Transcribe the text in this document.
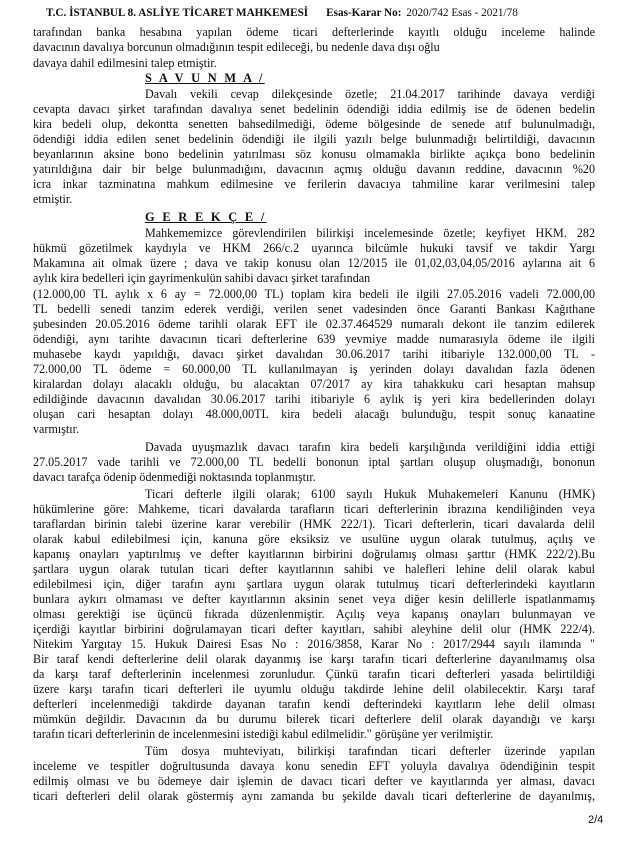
T.C. İSTANBUL 8. ASLİYE TİCARET MAHKEMESİ Esas-Karar No: 2020/742 Esas - 2021/78
tarafından banka hesabına yapılan ödeme ticari defterlerinde kayıtlı olduğu inceleme halinde
davacının davalıya borcunun olmadığının tespit edileceği, bu nedenle dava dışı oğlu
davaya dahil edilmesini talep etmiştir.
S A V U N M A /
Davalı vekili cevap dilekçesinde özetle; 21.04.2017 tarihinde davaya verdiği
cevapta davacı şirket tarafından davalıya senet bedelinin ödendiği iddia edilmiş ise de ödenen bedelin
kira bedeli olup, dekontta senetten bahsedilmediği, ödeme bölgesinde de senede atıf bulunulmadığı,
ödendiği iddia edilen senet bedelinin ödendiği ile ilgili yazılı belge bulunmadığı belirtildiği, davacının
beyanlarının aksine bono bedelinin yatırılması söz konusu olmamakla birlikte açıkça bono bedelinin
yatırıldığına dair bir belge bulunmadığını, davacının açmış olduğu davanın reddine, davacının %20
icra inkar tazminatına mahkum edilmesine ve ferilerin davacıya tahmiline karar verilmesini talep
etmiştir.
G E R E K Ç E /
Mahkememizce görevlendirilen bilirkişi incelemesinde özetle; keyfiyet HKM. 282
hükmü gözetilmek kaydıyla ve HKM 266/c.2 uyarınca bilcümle hukuki tavsif ve takdir Yargı
Makamına ait olmak üzere ; dava ve takip konusu olan 12/2015 ile 01,02,03,04,05/2016 aylarına ait 6
aylık kira bedelleri için gayrimenkulün sahibi davacı şirket tarafından
(12.000,00 TL aylık x 6 ay = 72.000,00 TL) toplam kira bedeli ile ilgili 27.05.2016 vadeli 72.000,00
TL bedelli senedi tanzim ederek verdiği, verilen senet vadesinden önce Garanti Bankası Kağıthane
şubesinden 20.05.2016 ödeme tarihli olarak EFT ile 02.37.464529 numaralı dekont ile tanzim edilerek
ödendiği, aynı tarihte davacının ticari defterlerine 639 yevmiye madde numarasıyla ödeme ile ilgili
muhasebe kaydı yapıldığı, davacı şirket davalıdan 30.06.2017 tarihi itibariyle 132.000,00 TL -
72.000,00 TL ödeme = 60.000,00 TL kullanılmayan iş yerinden dolayı davalıdan fazla ödenen
kiralardan dolayı alacaklı olduğu, bu alacaktan 07/2017 ay kira tahakkuku cari hesaptan mahsup
edildiğinde davacının davalıdan 30.06.2017 tarihi itibariyle 6 aylık iş yeri kira bedellerinden dolayı
oluşan cari hesaptan dolayı 48.000,00TL kira bedeli alacağı bulunduğu, tespit sonuç kanaatine
varmıştır.
Davada uyuşmazlık davacı tarafın kira bedeli karşılığında verildiğini iddia ettiği
27.05.2017 vade tarihli ve 72.000,00 TL bedelli bononun iptal şartları oluşup oluşmadığı, bononun
davacı tarafça ödenip ödenmediği noktasında toplanmıştır.
Ticari defterle ilgili olarak; 6100 sayılı Hukuk Muhakemeleri Kanunu (HMK)
hükümlerine göre: Mahkeme, ticari davalarda tarafların ticari defterlerinin ibrazına kendiliğinden veya
taraflardan birinin talebi üzerine karar verebilir (HMK 222/1). Ticari defterlerin, ticari davalarda delil
olarak kabul edilebilmesi için, kanuna göre eksiksiz ve usulüne uygun olarak tutulmuş, açılış ve
kapanış onayları yaptırılmış ve defter kayıtlarının birbirini doğrulamış olması şarttır (HMK 222/2).Bu
şartlara uygun olarak tutulan ticari defter kayıtlarının sahibi ve halefleri lehine delil olarak kabul
edilebilmesi için, diğer tarafın aynı şartlara uygun olarak tutulmuş ticari defterlerindeki kayıtların
bunlara aykırı olmaması ve defter kayıtlarının aksinin senet veya diğer kesin delillerle ispatlanmamış
olması gerektiği ise üçüncü fıkrada düzenlenmiştir. Açılış veya kapanış onayları bulunmayan ve
içerdiği kayıtlar birbirini doğrulamayan ticari defter kayıtları, sahibi aleyhine delil olur (HMK 222/4).
Nitekim Yargıtay 15. Hukuk Dairesi Esas No : 2016/3858, Karar No : 2017/2944 sayılı ilamında "
Bir taraf kendi defterlerine delil olarak dayanmış ise karşı tarafın ticari defterlerine dayanılmamış olsa
da karşı taraf defterlerinin incelenmesi zorunludur. Çünkü tarafın ticari defterleri yasada belirtildiği
üzere karşı tarafın ticari defterleri ile uyumlu olduğu takdirde lehine delil olabilecektir. Karşı taraf
defterleri incelenmediği takdirde dayanan tarafın kendi defterindeki kayıtların lehe delil olması
mümkün değildir. Davacının da bu durumu bilerek ticari defterlere delil olarak dayandığı ve karşı
tarafın ticari defterlerinin de incelenmesini istediği kabul edilmelidir." görüşüne yer verilmiştir.
Tüm dosya muhteviyatı, bilirkişi tarafından ticari defterler üzerinde yapılan
inceleme ve tespitler doğrultusunda davaya konu senedin EFT yoluyla davalıya ödendiğinin tespit
edilmiş olması ve bu ödemeye dair işlemin de davacı ticari defter ve kayıtlarında yer alması, davacı
ticari defterleri delil olarak göstermiş aynı zamanda bu şekilde davalı ticari defterlerine de dayanılmış,
2/4
